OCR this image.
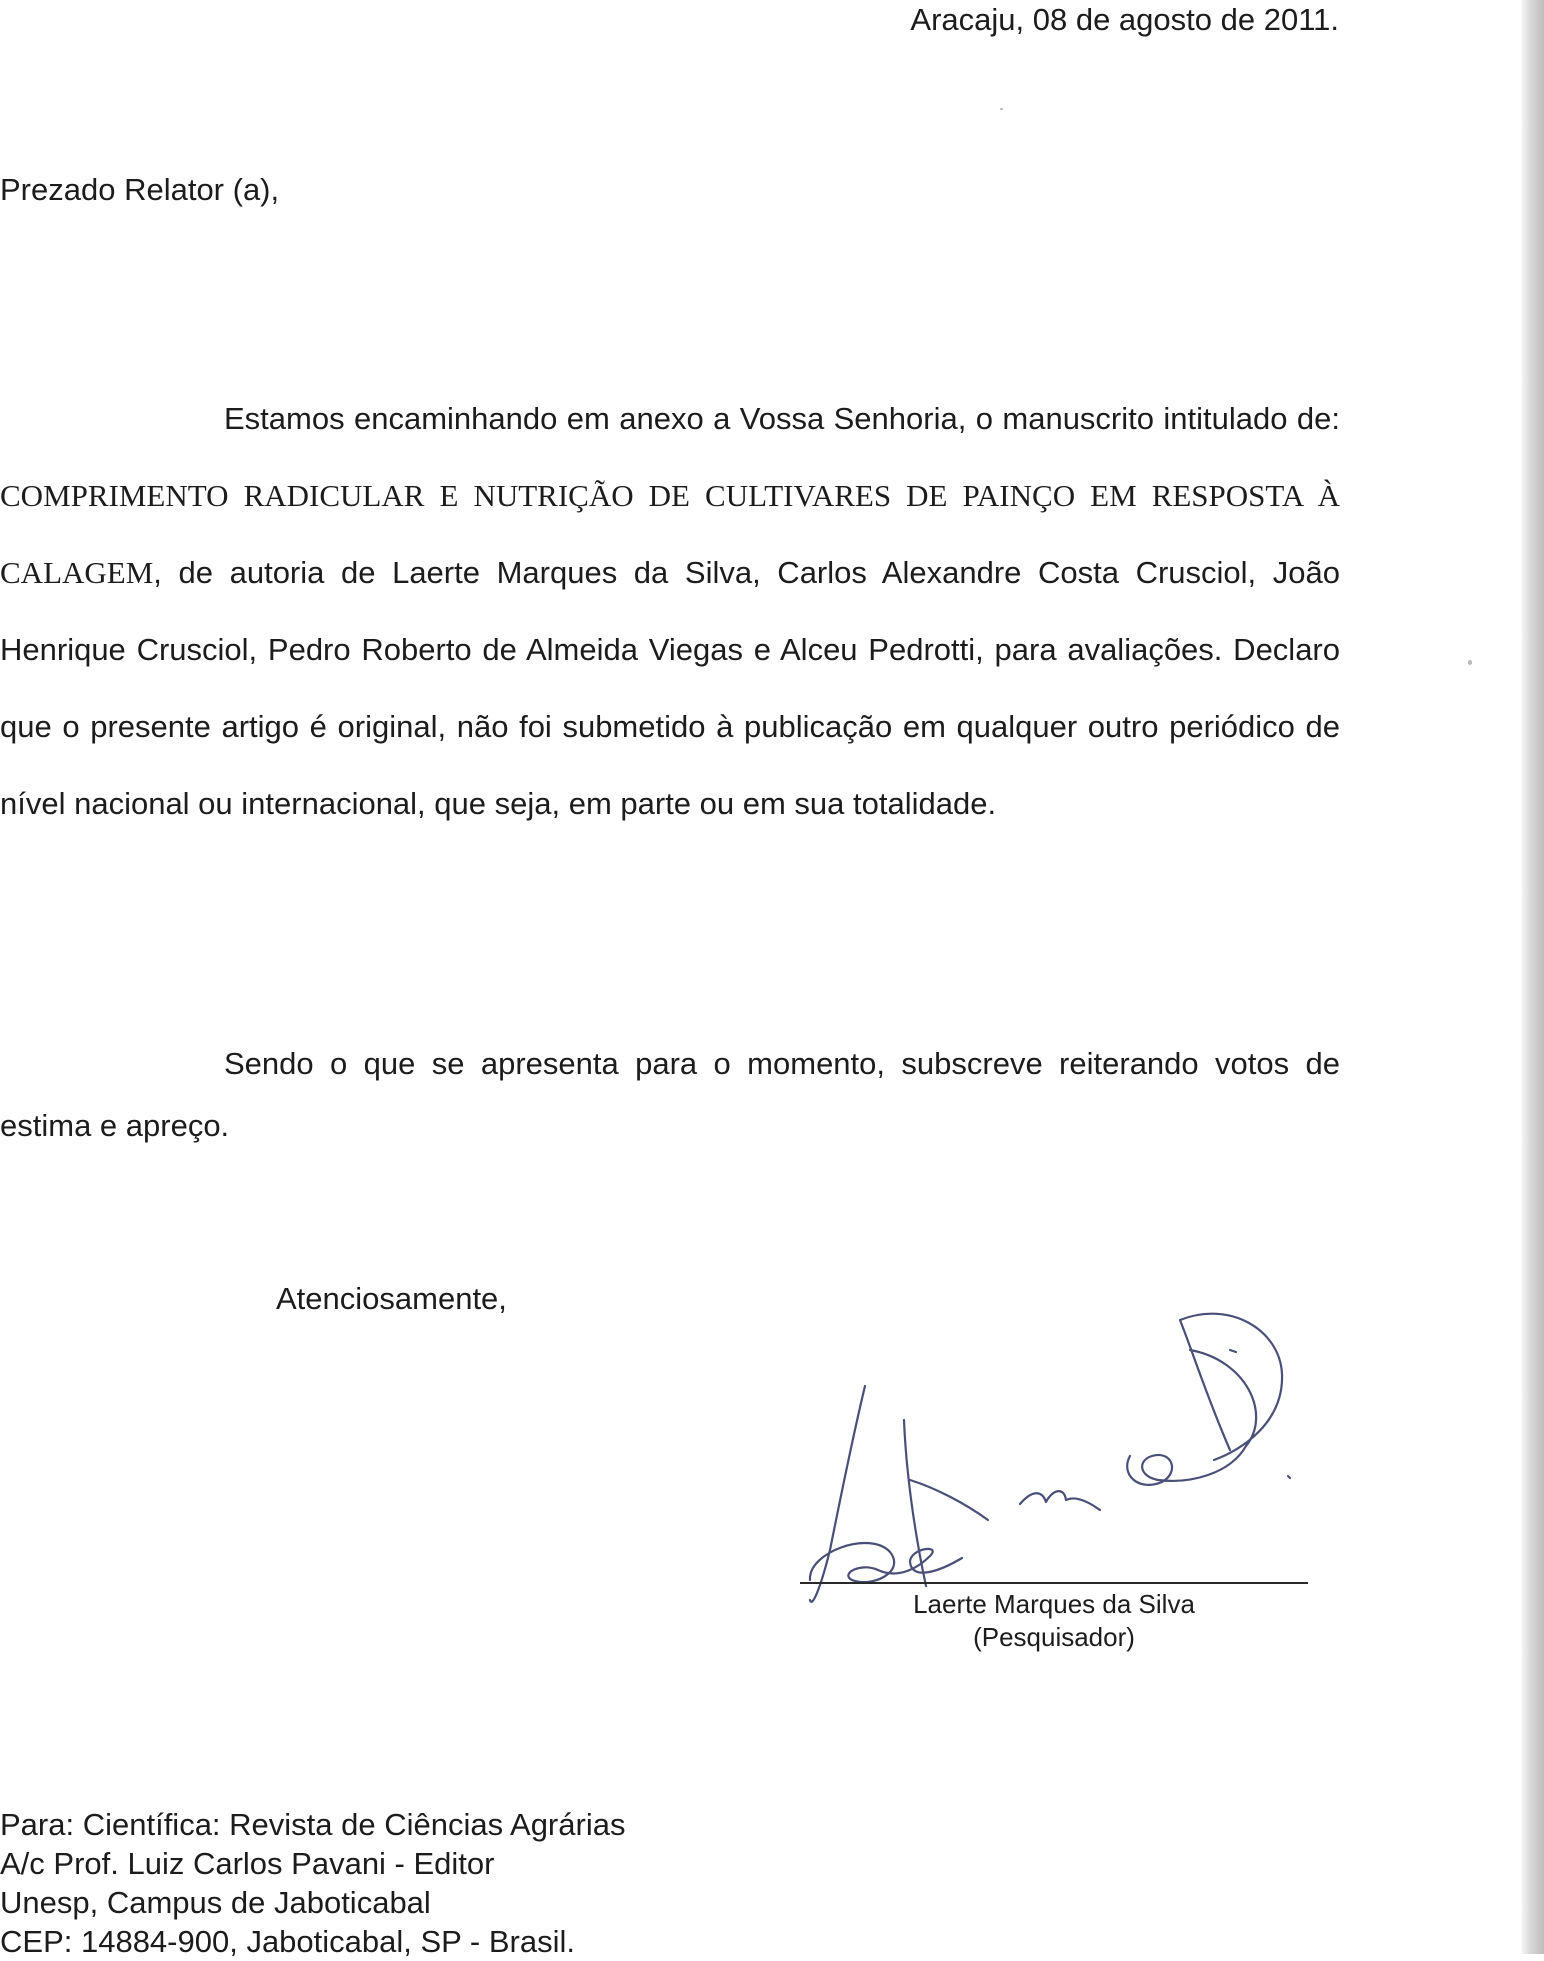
Aracaju, 08 de agosto de 2011.
Prezado Relator (a),

Estamos encaminhando em anexo a Vossa Senhoria, o manuscrito intitulado de: COMPRIMENTO RADICULAR E NUTRIÇÃO DE CULTIVARES DE PAINÇO EM RESPOSTA À CALAGEM, de autoria de Laerte Marques da Silva, Carlos Alexandre Costa Crusciol, João Henrique Crusciol, Pedro Roberto de Almeida Viegas e Alceu Pedrotti, para avaliações. Declaro que o presente artigo é original, não foi submetido à publicação em qualquer outro periódico de nível nacional ou internacional, que seja, em parte ou em sua totalidade.

Sendo o que se apresenta para o momento, subscreve reiterando votos de estima e apreço.

Atenciosamente,
Laerte Marques da Silva
(Pesquisador)
Para: Científica: Revista de Ciências Agrárias
A/c Prof. Luiz Carlos Pavani - Editor
Unesp, Campus de Jaboticabal
CEP: 14884-900, Jaboticabal, SP - Brasil.
